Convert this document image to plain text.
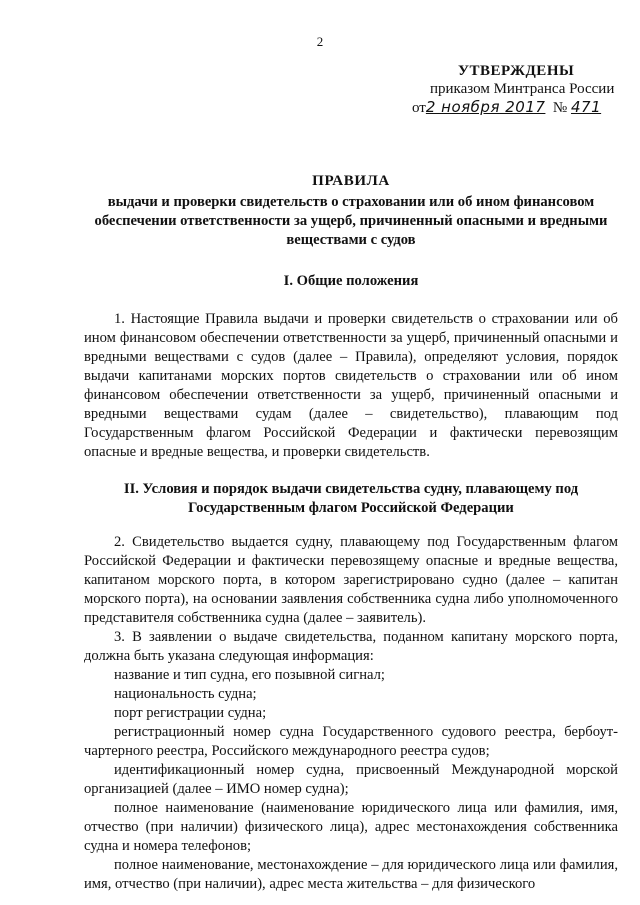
2
УТВЕРЖДЕНЫ
приказом Минтранса России
от2 ноября 2017 № 471
ПРАВИЛА
выдачи и проверки свидетельств о страховании или об ином финансовом обеспечении ответственности за ущерб, причиненный опасными и вредными веществами с судов
I. Общие положения

1. Настоящие Правила выдачи и проверки свидетельств о страховании или об ином финансовом обеспечении ответственности за ущерб, причиненный опасными и вредными веществами с судов (далее – Правила), определяют условия, порядок выдачи капитанами морских портов свидетельств о страховании или об ином финансовом обеспечении ответственности за ущерб, причиненный опасными и вредными веществами судам (далее – свидетельство), плавающим под Государственным флагом Российской Федерации и фактически перевозящим опасные и вредные вещества, и проверки свидетельств.

II. Условия и порядок выдачи свидетельства судну, плавающему под Государственным флагом Российской Федерации

2. Свидетельство выдается судну, плавающему под Государственным флагом Российской Федерации и фактически перевозящему опасные и вредные вещества, капитаном морского порта, в котором зарегистрировано судно (далее – капитан морского порта), на основании заявления собственника судна либо уполномоченного представителя собственника судна (далее – заявитель).

3. В заявлении о выдаче свидетельства, поданном капитану морского порта, должна быть указана следующая информация:

название и тип судна, его позывной сигнал;

национальность судна;

порт регистрации судна;

регистрационный номер судна Государственного судового реестра, бербоут-чартерного реестра, Российского международного реестра судов;

идентификационный номер судна, присвоенный Международной морской организацией (далее – ИМО номер судна);

полное наименование (наименование юридического лица или фамилия, имя, отчество (при наличии) физического лица), адрес местонахождения собственника судна и номера телефонов;

полное наименование, местонахождение – для юридического лица или фамилия, имя, отчество (при наличии), адрес места жительства – для физического
